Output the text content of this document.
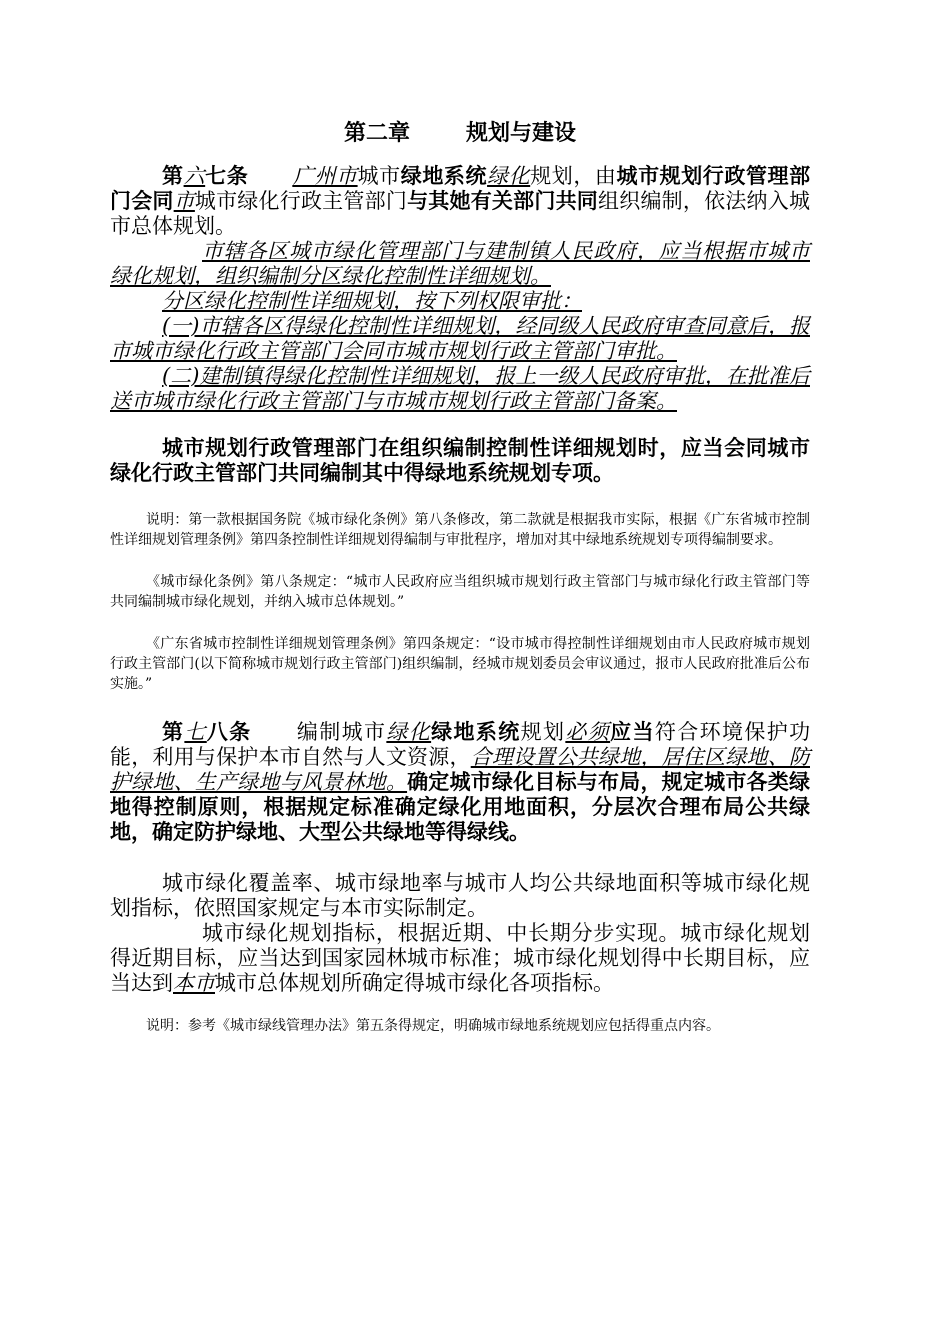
第二章	规划与建设

第六七条 广州市城市绿地系统绿化规划，由城市规划行政管理部门会同市城市绿化行政主管部门与其她有关部门共同组织编制，依法纳入城市总体规划。

市辖各区城市绿化管理部门与建制镇人民政府，应当根据市城市绿化规划，组织编制分区绿化控制性详细规划。

分区绿化控制性详细规划，按下列权限审批：

(一)市辖各区得绿化控制性详细规划，经同级人民政府审查同意后，报市城市绿化行政主管部门会同市城市规划行政主管部门审批。

(二)建制镇得绿化控制性详细规划，报上一级人民政府审批，在批准后送市城市绿化行政主管部门与市城市规划行政主管部门备案。

城市规划行政管理部门在组织编制控制性详细规划时，应当会同城市绿化行政主管部门共同编制其中得绿地系统规划专项。

说明：第一款根据国务院《城市绿化条例》第八条修改，第二款就是根据我市实际，根据《广东省城市控制性详细规划管理条例》第四条控制性详细规划得编制与审批程序，增加对其中绿地系统规划专项得编制要求。

《城市绿化条例》第八条规定：“城市人民政府应当组织城市规划行政主管部门与城市绿化行政主管部门等共同编制城市绿化规划，并纳入城市总体规划。”

《广东省城市控制性详细规划管理条例》第四条规定：“设市城市得控制性详细规划由市人民政府城市规划行政主管部门(以下简称城市规划行政主管部门)组织编制，经城市规划委员会审议通过，报市人民政府批准后公布实施。”

第七八条 编制城市绿化绿地系统规划必须应当符合环境保护功能，利用与保护本市自然与人文资源，合理设置公共绿地，居住区绿地、防护绿地、生产绿地与风景林地。确定城市绿化目标与布局，规定城市各类绿地得控制原则，根据规定标准确定绿化用地面积，分层次合理布局公共绿地，确定防护绿地、大型公共绿地等得绿线。

城市绿化覆盖率、城市绿地率与城市人均公共绿地面积等城市绿化规划指标，依照国家规定与本市实际制定。

城市绿化规划指标，根据近期、中长期分步实现。城市绿化规划得近期目标，应当达到国家园林城市标准；城市绿化规划得中长期目标，应当达到本市城市总体规划所确定得城市绿化各项指标。

说明：参考《城市绿线管理办法》第五条得规定，明确城市绿地系统规划应包括得重点内容。
